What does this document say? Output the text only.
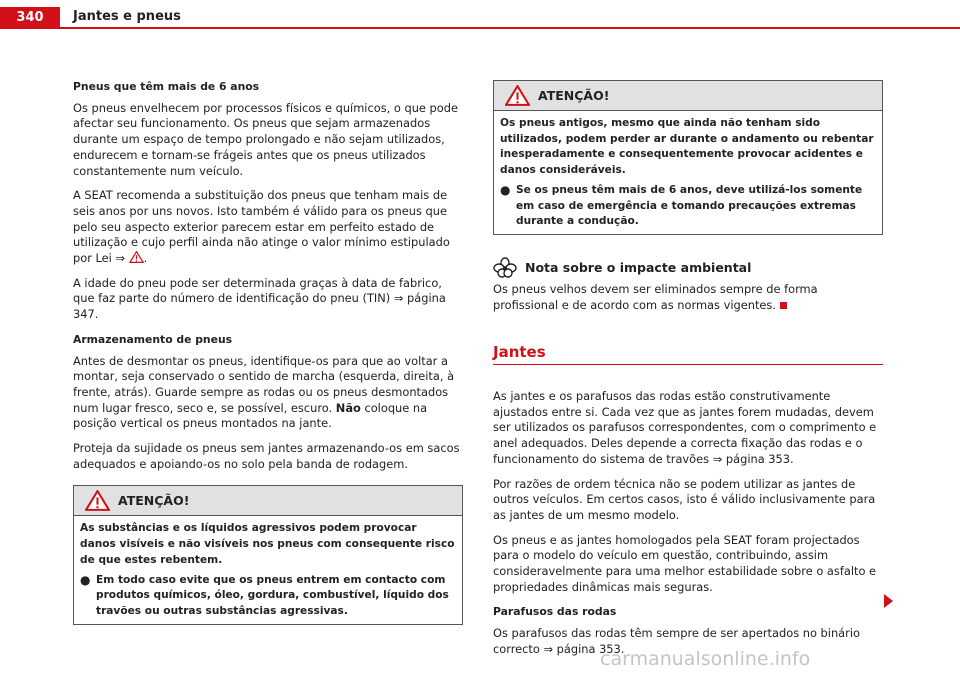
340	Jantes e pneus

Pneus que têm mais de 6 anos

Os pneus envelhecem por processos físicos e químicos, o que pode afectar seu funcionamento. Os pneus que sejam armazenados durante um espaço de tempo prolongado e não sejam utilizados, endurecem e tornam-se frágeis antes que os pneus utilizados constantemente num veículo.

A SEAT recomenda a substituição dos pneus que tenham mais de seis anos por uns novos. Isto também é válido para os pneus que pelo seu aspecto exterior parecem estar em perfeito estado de utilização e cujo perfil ainda não atinge o valor mínimo estipulado por Lei ⇒ .

A idade do pneu pode ser determinada graças à data de fabrico, que faz parte do número de identificação do pneu (TIN) ⇒ página 347.

Armazenamento de pneus

Antes de desmontar os pneus, identifique-os para que ao voltar a montar, seja conservado o sentido de marcha (esquerda, direita, à frente, atrás). Guarde sempre as rodas ou os pneus desmontados num lugar fresco, seco e, se possível, escuro. Não coloque na posição vertical os pneus montados na jante.

Proteja da sujidade os pneus sem jantes armazenando-os em sacos adequados e apoiando-os no solo pela banda de rodagem.

ATENÇÃO!

As substâncias e os líquidos agressivos podem provocar danos visíveis e não visíveis nos pneus com consequente risco de que estes rebentem.

● Em todo caso evite que os pneus entrem em contacto com produtos químicos, óleo, gordura, combustível, líquido dos travões ou outras substâncias agressivas.
ATENÇÃO!

Os pneus antigos, mesmo que ainda não tenham sido utilizados, podem perder ar durante o andamento ou rebentar inesperadamente e consequentemente provocar acidentes e danos consideráveis.

● Se os pneus têm mais de 6 anos, deve utilizá-los somente em caso de emergência e tomando precauções extremas durante a condução.
Nota sobre o impacte ambiental

Os pneus velhos devem ser eliminados sempre de forma profissional e de acordo com as normas vigentes.

Jantes

As jantes e os parafusos das rodas estão construtivamente ajustados entre si. Cada vez que as jantes forem mudadas, devem ser utilizados os parafusos correspondentes, com o comprimento e anel adequados. Deles depende a correcta fixação das rodas e o funcionamento do sistema de travões ⇒ página 353.

Por razões de ordem técnica não se podem utilizar as jantes de outros veículos. Em certos casos, isto é válido inclusivamente para as jantes de um mesmo modelo.

Os pneus e as jantes homologados pela SEAT foram projectados para o modelo do veículo em questão, contribuindo, assim consideravelmente para uma melhor estabilidade sobre o asfalto e propriedades dinâmicas mais seguras.

Parafusos das rodas

Os parafusos das rodas têm sempre de ser apertados no binário correcto ⇒ página 353.

carmanualsonline.info
